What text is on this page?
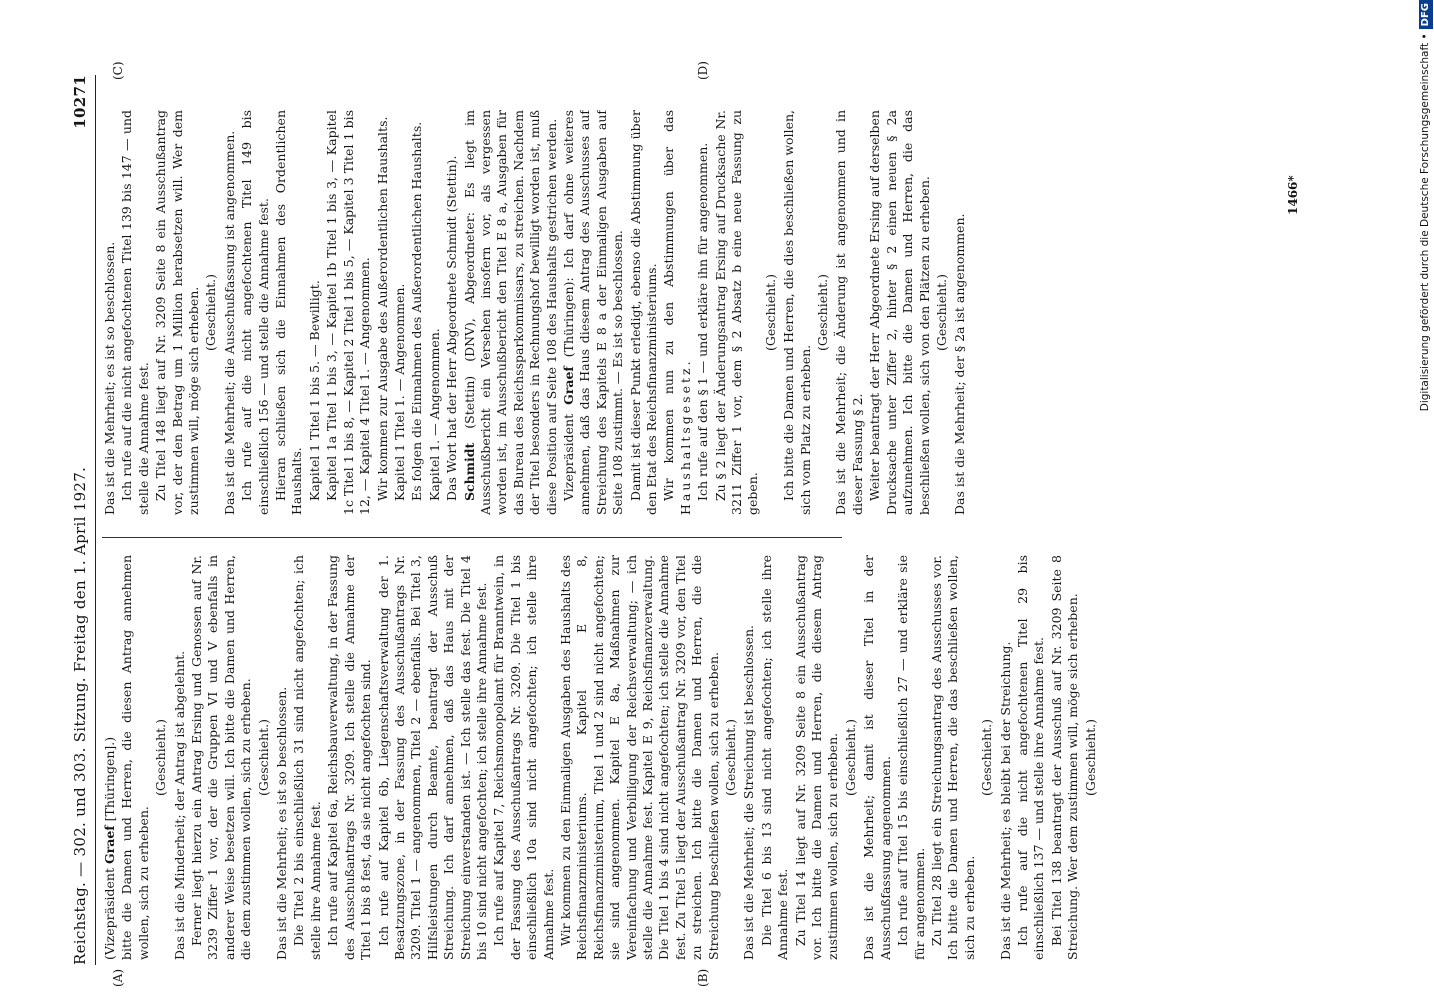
Reichstag. — 302. und 303. Sitzung. Freitag den 1. April 1927.
10271

(Vizepräsident Graef [Thüringen].) bitte die Damen und Herren, die diesen Antrag annehmen wollen, sich zu erheben.

(Geschieht.) Das ist die Minderheit; der Antrag ist abgelehnt. Ferner liegt hierzu ein Antrag Ersing und Genossen auf Nr. 3239 Ziffer 1 vor, der die Gruppen VI und V ebenfalls in anderer Weise besetzen will. Ich bitte die Damen und Herren, die dem zustimmen wollen, sich zu erheben. (Geschieht.) Das ist die Mehrheit; es ist so beschlossen. Die Titel 2 bis einschließlich 31 sind nicht angefochten; ich stelle ihre Annahme fest. Ich rufe auf Kapitel 6a, Reichsbauverwaltung, in der Fassung des Ausschußantrags Nr. 3209. Ich stelle die Annahme der Titel 1 bis 8 fest, da sie nicht angefochten sind. Ich rufe auf Kapitel 6b, Liegenschaftsverwaltung der 1. Besatzungszone, in der Fassung des Ausschußantrags Nr. 3209. Titel 1 — angenommen, Titel 2 — ebenfalls. Bei Titel 3, Hilfsleistungen durch Beamte, beantragt der Ausschuß Streichung. Ich darf annehmen, daß das Haus mit der Streichung einverstanden ist. — Ich stelle das fest. Die Titel 4 bis 10 sind nicht angefochten; ich stelle ihre Annahme fest. Ich rufe auf Kapitel 7, Reichsmonopolamt für Branntwein, in der Fassung des Ausschußantrags Nr. 3209. Die Titel 1 bis einschließlich 10a sind nicht angefochten; ich stelle ihre Annahme fest. Wir kommen zu den Einmaligen Ausgaben des Haushalts des Reichsfinanzministeriums. Kapitel E 8, Reichsfinanzministerium, Titel 1 und 2 sind nicht angefochten; sie sind angenommen. Kapitel E 8a, Maßnahmen zur Vereinfachung und Verbilligung der Reichsverwaltung; — ich stelle die Annahme fest. Kapitel E 9, Reichsfinanzverwaltung. Die Titel 1 bis 4 sind nicht angefochten; ich stelle die Annahme fest. Zu Titel 5 liegt der Ausschußantrag Nr. 3209 vor, den Titel zu streichen. Ich bitte die Damen und Herren, die die Streichung beschließen wollen, sich zu erheben. (Geschieht.) Das ist die Mehrheit; die Streichung ist beschlossen. Die Titel 6 bis 13 sind nicht angefochten; ich stelle ihre Annahme fest. Zu Titel 14 liegt auf Nr. 3209 Seite 8 ein Ausschußantrag vor. Ich bitte die Damen und Herren, die diesem Antrag zustimmen wollen, sich zu erheben. (Geschieht.) Das ist die Mehrheit; damit ist dieser Titel in der Ausschußfassung angenommen. Ich rufe auf Titel 15 bis einschließlich 27 — und erkläre sie für angenommen. Zu Titel 28 liegt ein Streichungsantrag des Ausschusses vor. Ich bitte die Damen und Herren, die das beschließen wollen, sich zu erheben.

(Geschieht.) Das ist die Mehrheit; es bleibt bei der Streichung. Ich rufe auf die nicht angefochtenen Titel 29 bis einschließlich 137 — und stelle ihre Annahme fest. Bei Titel 138 beantragt der Ausschuß auf Nr. 3209 Seite 8 Streichung. Wer dem zustimmen will, möge sich erheben. (Geschieht.)

Das ist die Mehrheit; es ist so beschlossen. Ich rufe auf die nicht angefochtenen Titel 139 bis 147 — und stelle die Annahme fest. Zu Titel 148 liegt auf Nr. 3209 Seite 8 ein Ausschußantrag vor, der den Betrag um 1 Million herabsetzen will. Wer dem zustimmen will, möge sich erheben. (Geschieht.) Das ist die Mehrheit; die Ausschußfassung ist angenommen. Ich rufe auf die nicht angefochtenen Titel 149 bis einschließlich 156 — und stelle die Annahme fest. Hieran schließen sich die Einnahmen des Ordentlichen Haushalts. Kapitel 1 Titel 1 bis 5. — Bewilligt. Kapitel 1a Titel 1 bis 3, — Kapitel 1b Titel 1 bis 3, — Kapitel 1c Titel 1 bis 8, — Kapitel 2 Titel 1 bis 5, — Kapitel 3 Titel 1 bis 12, — Kapitel 4 Titel 1. — Angenommen. Wir kommen zur Ausgabe des Außerordentlichen Haushalts. Kapitel 1 Titel 1. — Angenommen. Es folgen die Einnahmen des Außerordentlichen Haushalts. Kapitel 1. — Angenommen. Das Wort hat der Herr Abgeordnete Schmidt (Stettin). Schmidt (Stettin) (DNV), Abgeordneter: Es liegt im Ausschußbericht ein Versehen insofern vor, als vergessen worden ist, im Ausschußbericht den Titel E 8 a, Ausgaben für das Bureau des Reichssparkommissars, zu streichen. Nachdem der Titel besonders in Rechnungshof bewilligt worden ist, muß diese Position auf Seite 108 des Haushalts gestrichen werden. Vizepräsident Graef (Thüringen): Ich darf ohne weiteres annehmen, daß das Haus diesem Antrag des Ausschusses auf Streichung des Kapitels E 8 a der Einmaligen Ausgaben auf Seite 108 zustimmt. — Es ist so beschlossen. Damit ist dieser Punkt erledigt, ebenso die Abstimmung über den Etat des Reichsfinanzministeriums. Wir kommen nun zu den Abstimmungen über das Haushaltsgesetz. Ich rufe auf den § 1 — und erkläre ihn für angenommen. Zu § 2 liegt der Änderungsantrag Ersing auf Drucksache Nr. 3211 Ziffer 1 vor, dem § 2 Absatz b eine neue Fassung zu geben.

(Geschieht.) Ich bitte die Damen und Herren, die dies beschließen wollen, sich vom Platz zu erheben.

(Geschieht.) Das ist die Mehrheit; die Änderung ist angenommen und in dieser Fassung § 2. Weiter beantragt der Herr Abgeordnete Ersing auf derselben Drucksache unter Ziffer 2, hinter § 2 einen neuen § 2a aufzunehmen. Ich bitte die Damen und Herren, die das beschließen wollen, sich von den Plätzen zu erheben. (Geschieht.) Das ist die Mehrheit; der § 2a ist angenommen.

(A)	(B)
(C)	(D)
1466*	Digitalisierung gefördert durch die Deutsche Forschungsgemeinschaft •DFG
